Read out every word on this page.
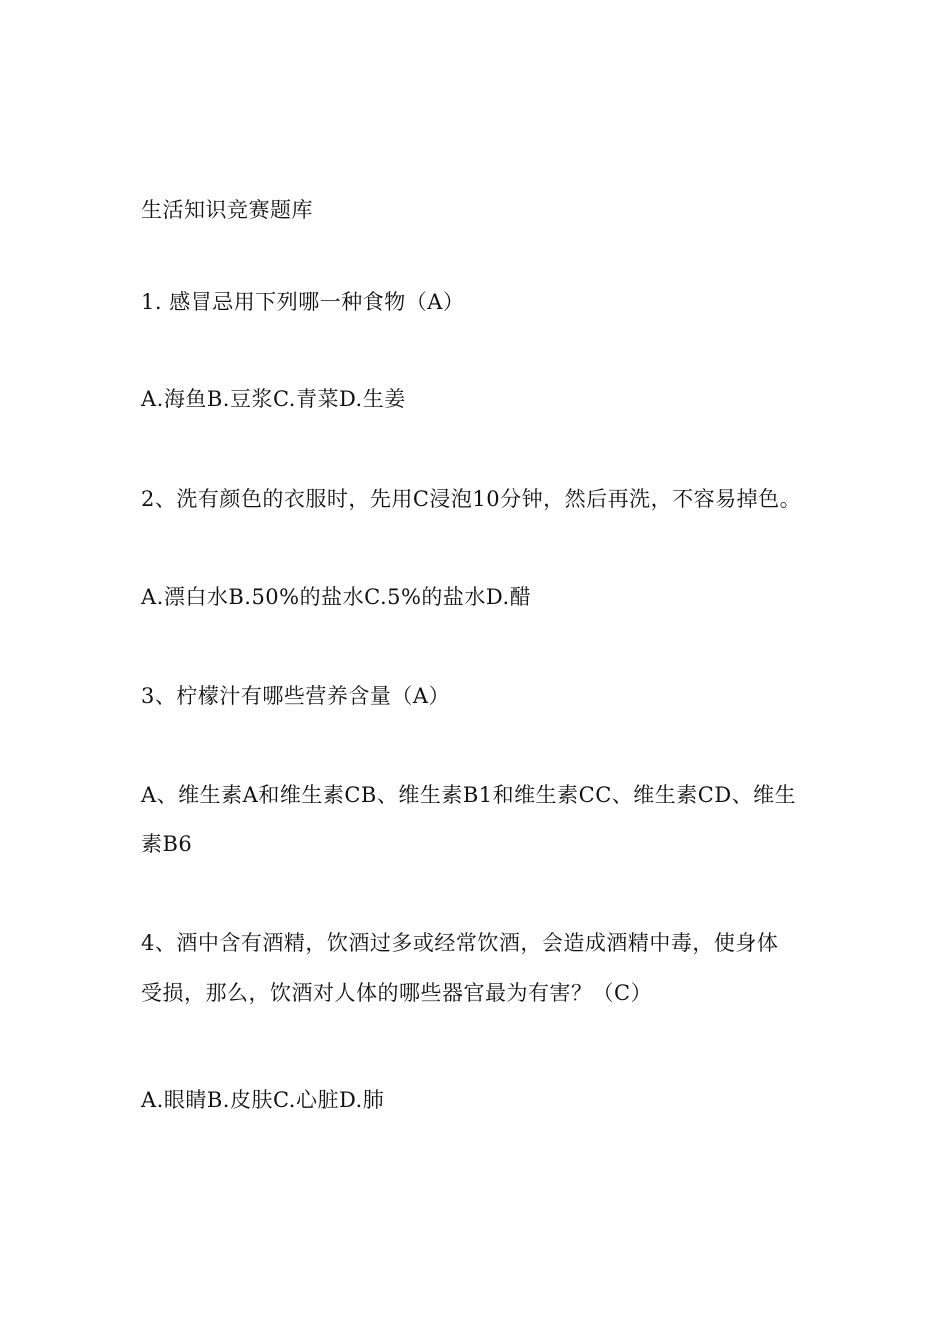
生活知识竞赛题库
1. 感冒忌用下列哪一种食物（A）
A.海鱼B.豆浆C.青菜D.生姜
2、洗有颜色的衣服时，先用C浸泡10分钟，然后再洗，不容易掉色。
A.漂白水B.50%的盐水C.5%的盐水D.醋
3、柠檬汁有哪些营养含量（A）
A、维生素A和维生素CB、维生素B1和维生素CC、维生素CD、维生
素B6
4、酒中含有酒精，饮酒过多或经常饮酒，会造成酒精中毒，使身体
受损，那么，饮酒对人体的哪些器官最为有害？（C）
A.眼睛B.皮肤C.心脏D.肺
